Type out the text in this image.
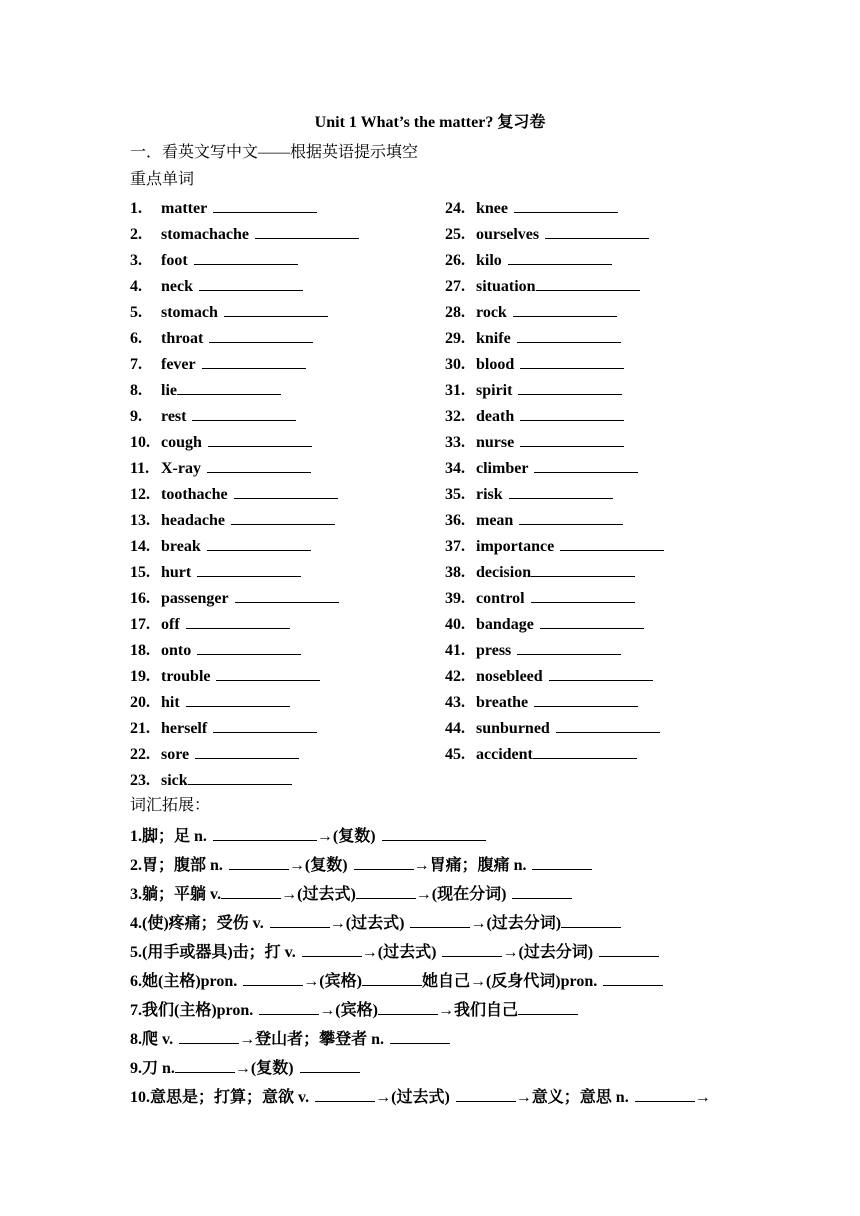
Unit 1 What’s the matter? 复习卷
一．看英文写中文——根据英语提示填空
重点单词
1. matter
2. stomachache
3. foot
4. neck
5. stomach
6. throat
7. fever
8. lie
9. rest
10. cough
11. X-ray
12. toothache
13. headache
14. break
15. hurt
16. passenger
17. off
18. onto
19. trouble
20. hit
21. herself
22. sore
23. sick
24. knee
25. ourselves
26. kilo
27. situation
28. rock
29. knife
30. blood
31. spirit
32. death
33. nurse
34. climber
35. risk
36. mean
37. importance
38. decision
39. control
40. bandage
41. press
42. nosebleed
43. breathe
44. sunburned
45. accident
词汇拓展：
1.脚；足 n.	→(复数)
2.胃；腹部 n.	→(复数)	→胃痛；腹痛 n.
3.躺；平躺 v.	→(过去式)	→(现在分词)
4.(使)疼痛；受伤 v.	→(过去式)	→(过去分词)
5.(用手或器具)击；打 v.	→(过去式)	→(过去分词)
6.她(主格)pron.	→(宾格)	她自己→(反身代词)pron.
7.我们(主格)pron.	→(宾格)	→我们自己
8.爬 v.	→登山者；攀登者 n.
9.刀 n.	→(复数)
10.意思是；打算；意欲 v.	→(过去式)	→意义；意思 n.	→
